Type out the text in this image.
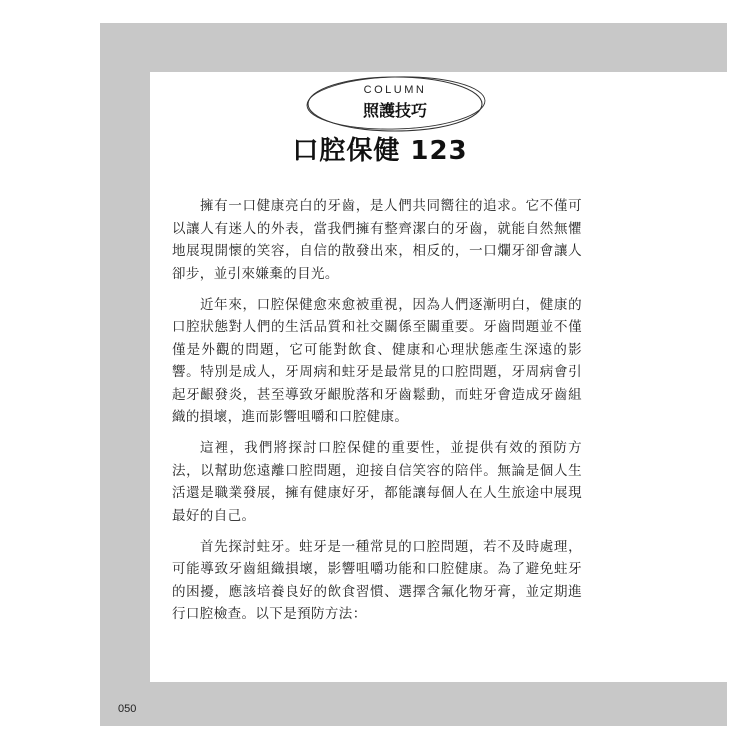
COLUMN
照護技巧
口腔保健 123

擁有一口健康亮白的牙齒，是人們共同嚮往的追求。它不僅可以讓人有迷人的外表，當我們擁有整齊潔白的牙齒，就能自然無懼地展現開懷的笑容，自信的散發出來，相反的，一口爛牙卻會讓人卻步，並引來嫌棄的目光。

近年來，口腔保健愈來愈被重視，因為人們逐漸明白，健康的口腔狀態對人們的生活品質和社交關係至關重要。牙齒問題並不僅僅是外觀的問題，它可能對飲食、健康和心理狀態產生深遠的影響。特別是成人，牙周病和蛀牙是最常見的口腔問題，牙周病會引起牙齦發炎，甚至導致牙齦脫落和牙齒鬆動，而蛀牙會造成牙齒組織的損壞，進而影響咀嚼和口腔健康。

這裡，我們將探討口腔保健的重要性，並提供有效的預防方法，以幫助您遠離口腔問題，迎接自信笑容的陪伴。無論是個人生活還是職業發展，擁有健康好牙，都能讓每個人在人生旅途中展現最好的自己。

首先探討蛀牙。蛀牙是一種常見的口腔問題，若不及時處理，可能導致牙齒組織損壞，影響咀嚼功能和口腔健康。為了避免蛀牙的困擾，應該培養良好的飲食習慣、選擇含氟化物牙膏，並定期進行口腔檢查。以下是預防方法：

050
